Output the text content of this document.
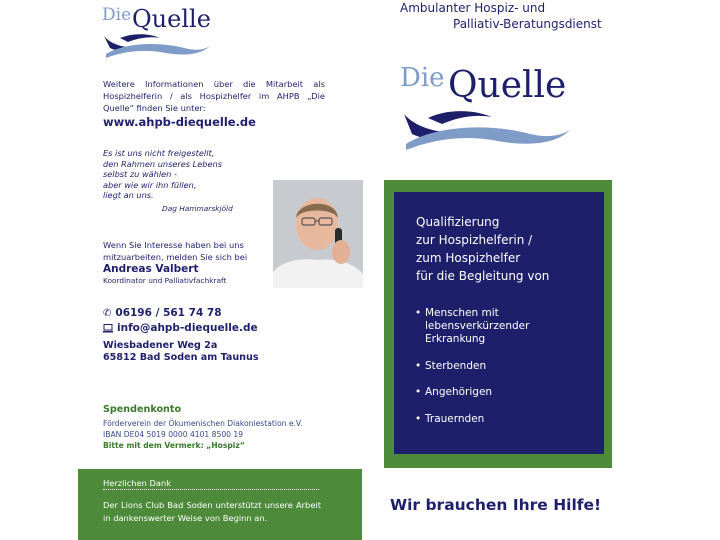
Die Quelle
Weitere Informationen über die Mitarbeit als Hospizhelferin / als Hospizhelfer im AHPB „Die Quelle“ finden Sie unter:
www.ahpb-diequelle.de
Es ist uns nicht freigestellt,
den Rahmen unseres Lebens
selbst zu wählen -
aber wie wir ihn füllen,
liegt an uns.
Dag Hammarskjöld
Wenn Sie Interesse haben bei uns mitzuarbeiten, melden Sie sich bei
Andreas Valbert
Koordinator und Palliativfachkraft
✆ 06196 / 561 74 78
info@ahpb-diequelle.de
Wiesbadener Weg 2a
65812 Bad Soden am Taunus
Spendenkonto
Förderverein der Ökumenischen Diakoniestation e.V.
IBAN DE04 5019 0000 4101 8500 19
Bitte mit dem Vermerk: „Hospiz“
Herzlichen Dank
Der Lions Club Bad Soden unterstützt unsere Arbeit in dankenswerter Weise von Beginn an.
Ambulanter Hospiz- und
Palliativ-Beratungsdienst
Die Quelle
Qualifizierung
zur Hospizhelferin /
zum Hospizhelfer
für die Begleitung von
• Menschen mit lebensverkürzender Erkrankung
• Sterbenden
• Angehörigen
• Trauernden
Wir brauchen Ihre Hilfe!
